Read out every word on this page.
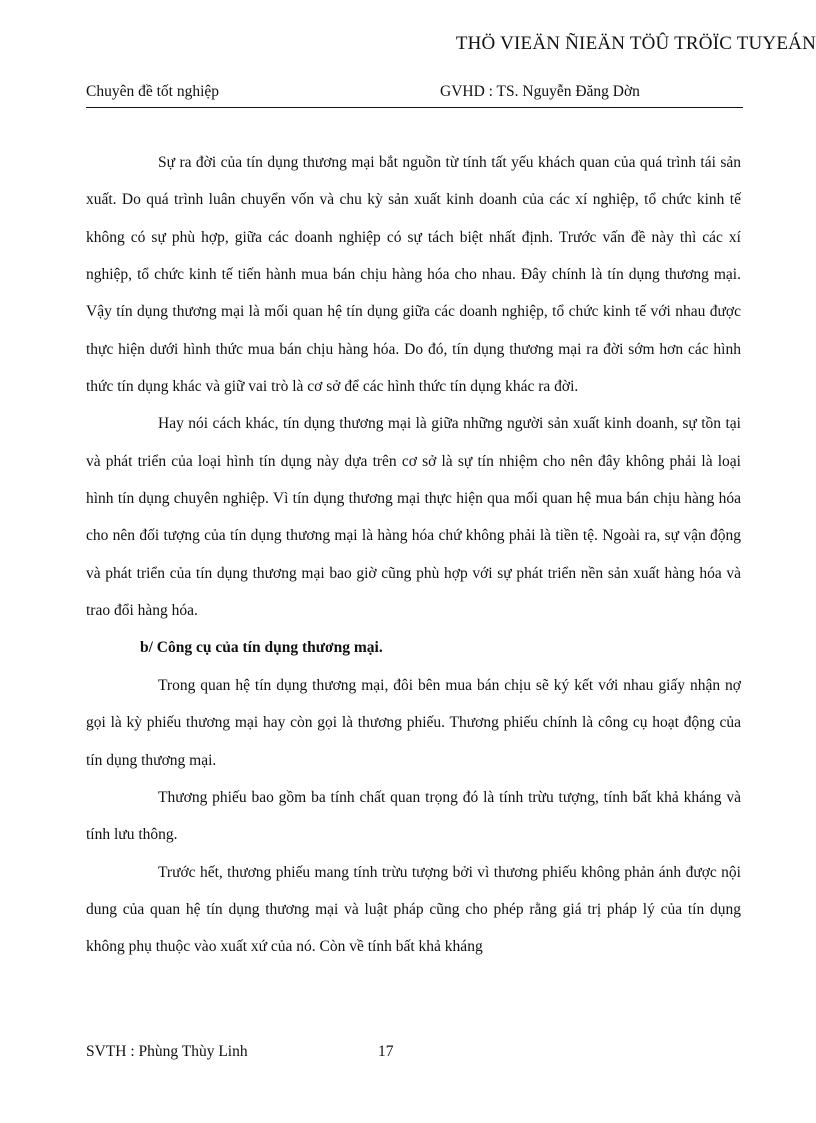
THÖ VIEÄN ÑIEÄN TÖÛ TRÖÏC TUYEÁN
Chuyên đề tốt nghiệp	GVHD : TS. Nguyễn Đăng Dờn

Sự ra đời của tín dụng thương mại bắt nguồn từ tính tất yếu khách quan của quá trình tái sản xuất. Do quá trình luân chuyển vốn và chu kỳ sản xuất kinh doanh của các xí nghiệp, tổ chức kinh tế không có sự phù hợp, giữa các doanh nghiệp có sự tách biệt nhất định. Trước vấn đề này thì các xí nghiệp, tổ chức kinh tế tiến hành mua bán chịu hàng hóa cho nhau. Đây chính là tín dụng thương mại. Vậy tín dụng thương mại là mối quan hệ tín dụng giữa các doanh nghiệp, tổ chức kinh tế với nhau được thực hiện dưới hình thức mua bán chịu hàng hóa. Do đó, tín dụng thương mại ra đời sớm hơn các hình thức tín dụng khác và giữ vai trò là cơ sở để các hình thức tín dụng khác ra đời.

Hay nói cách khác, tín dụng thương mại là giữa những người sản xuất kinh doanh, sự tồn tại và phát triển của loại hình tín dụng này dựa trên cơ sở là sự tín nhiệm cho nên đây không phải là loại hình tín dụng chuyên nghiệp. Vì tín dụng thương mại thực hiện qua mối quan hệ mua bán chịu hàng hóa cho nên đối tượng của tín dụng thương mại là hàng hóa chứ không phải là tiền tệ. Ngoài ra, sự vận động và phát triển của tín dụng thương mại bao giờ cũng phù hợp với sự phát triển nền sản xuất hàng hóa và trao đổi hàng hóa.

b/ Công cụ của tín dụng thương mại.

Trong quan hệ tín dụng thương mại, đôi bên mua bán chịu sẽ ký kết với nhau giấy nhận nợ gọi là kỳ phiếu thương mại hay còn gọi là thương phiếu. Thương phiếu chính là công cụ hoạt động của tín dụng thương mại.

Thương phiếu bao gồm ba tính chất quan trọng đó là tính trừu tượng, tính bất khả kháng và tính lưu thông.

Trước hết, thương phiếu mang tính trừu tượng bởi vì thương phiếu không phản ánh được nội dung của quan hệ tín dụng thương mại và luật pháp cũng cho phép rằng giá trị pháp lý của tín dụng không phụ thuộc vào xuất xứ của nó. Còn về tính bất khả kháng

SVTH : Phùng Thùy Linh	17
